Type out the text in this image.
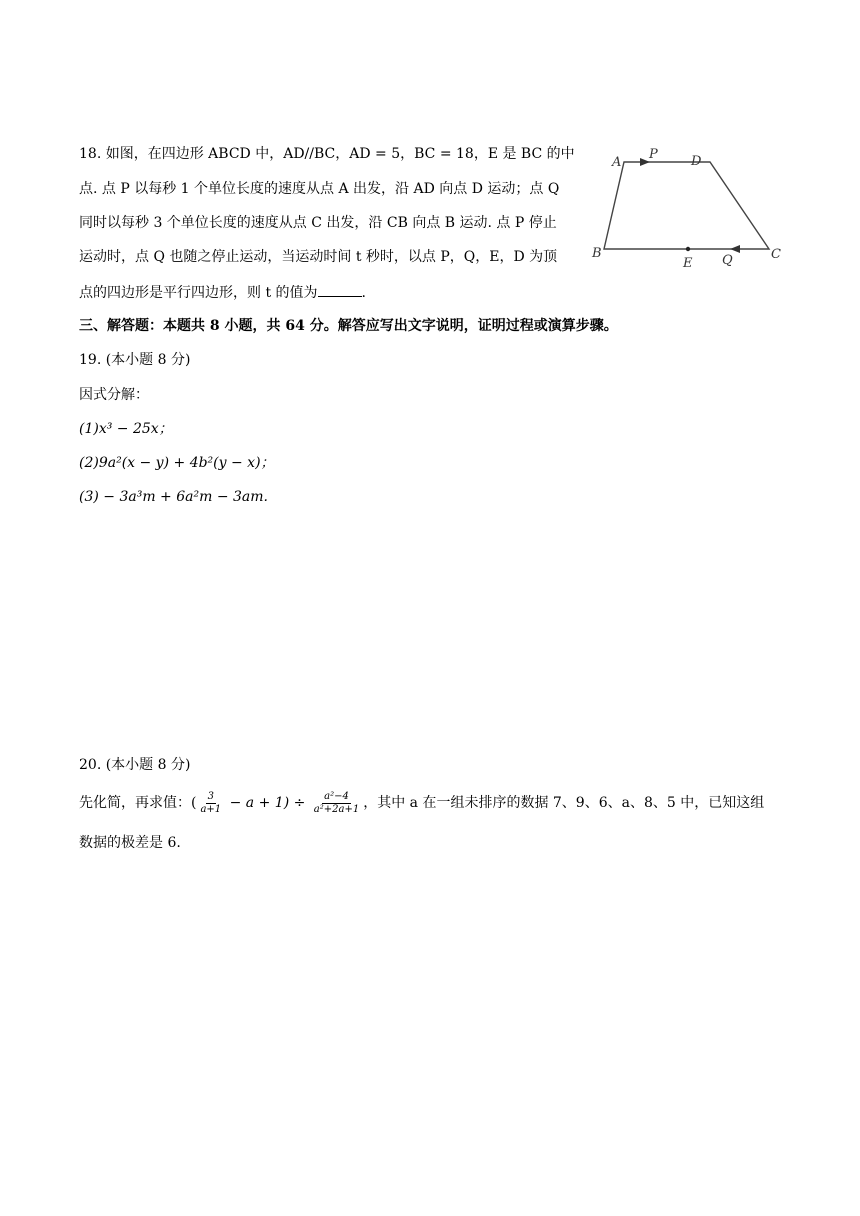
18. 如图，在四边形 ABCD 中，AD//BC，AD = 5，BC = 18，E 是 BC 的中
点. 点 P 以每秒 1 个单位长度的速度从点 A 出发，沿 AD 向点 D 运动；点 Q
同时以每秒 3 个单位长度的速度从点 C 出发，沿 CB 向点 B 运动. 点 P 停止
运动时，点 Q 也随之停止运动，当运动时间 t 秒时，以点 P，Q，E，D 为顶
点的四边形是平行四边形，则 t 的值为	.
A
P	D
B
E Q	C
三、解答题：本题共 8 小题，共 64 分。解答应写出文字说明，证明过程或演算步骤。
19. (本小题 8 分)
因式分解：
(1)x³ − 25x；
(2)9a²(x − y) + 4b²(y − x)；
(3) − 3a³m + 6a²m − 3am.
20. (本小题 8 分)
先化简，再求值：( $\frac{3}{a+1} - a + 1) \div \frac{\text{a²−4}}{\text{a²+2a+1}}$ ，其中 a 在一组未排序的数据 7、9、6、a、8、5 中，已知这组
数据的极差是 6.
